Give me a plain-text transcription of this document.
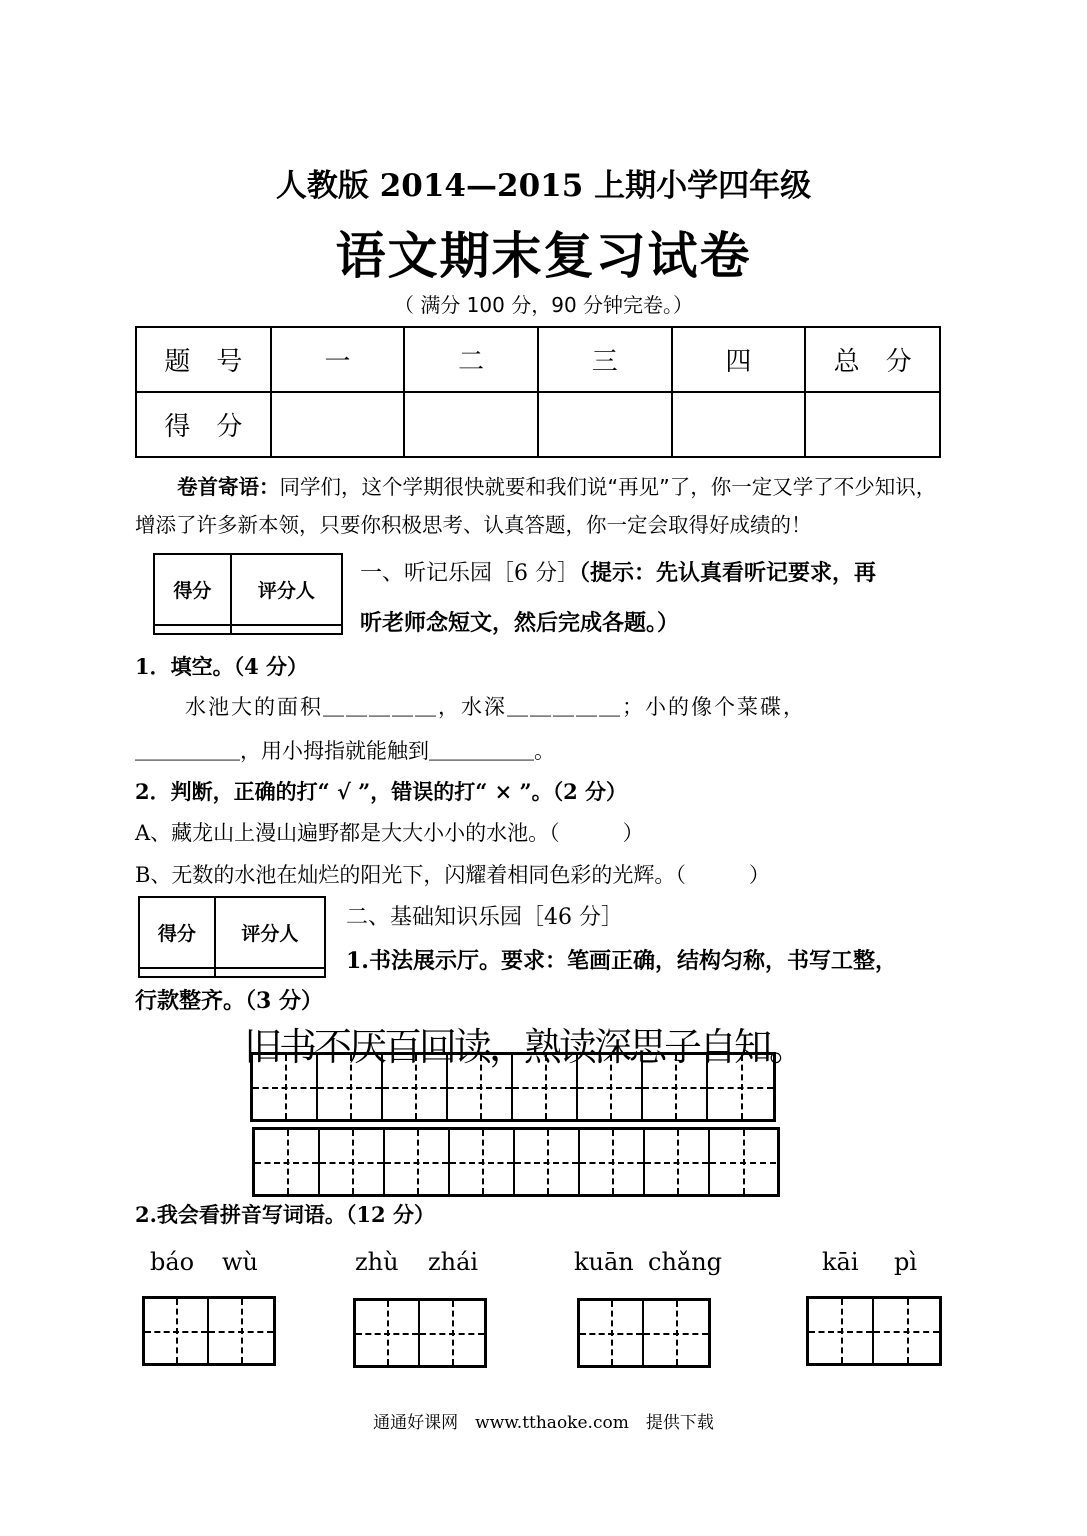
人教版 2014—2015 上期小学四年级
语文期末复习试卷
（ 满分 100 分，90 分钟完卷。）
题　号	一	二	三	四	总　分
得　分					
卷首寄语：同学们，这个学期很快就要和我们说“再见”了，你一定又学了不少知识，增添了许多新本领，只要你积极思考、认真答题，你一定会取得好成绩的！
得分	评分人

一、听记乐园［6 分］（提示：先认真看听记要求，再
听老师念短文，然后完成各题。）
1．填空。（4 分）
水池大的面积＿＿＿＿＿，水深＿＿＿＿＿；小的像个菜碟，
＿＿＿＿＿，用小拇指就能触到＿＿＿＿＿。
2．判断，正确的打“ √ ”，错误的打“ × ”。（2 分）
A、藏龙山上漫山遍野都是大大小小的水池。（　　　）
B、无数的水池在灿烂的阳光下，闪耀着相同色彩的光辉。（　　　）
得分	评分人

二、基础知识乐园［46 分］
1.书法展示厅。要求：笔画正确，结构匀称，书写工整，
行款整齐。（3 分）
旧书不厌百回读，熟读深思子自知。
2.我会看拼音写词语。（12 分）
báo wù	zhù zhái	kuān chǎng	kāi pì
通通好课网　www.tthaoke.com　提供下载
